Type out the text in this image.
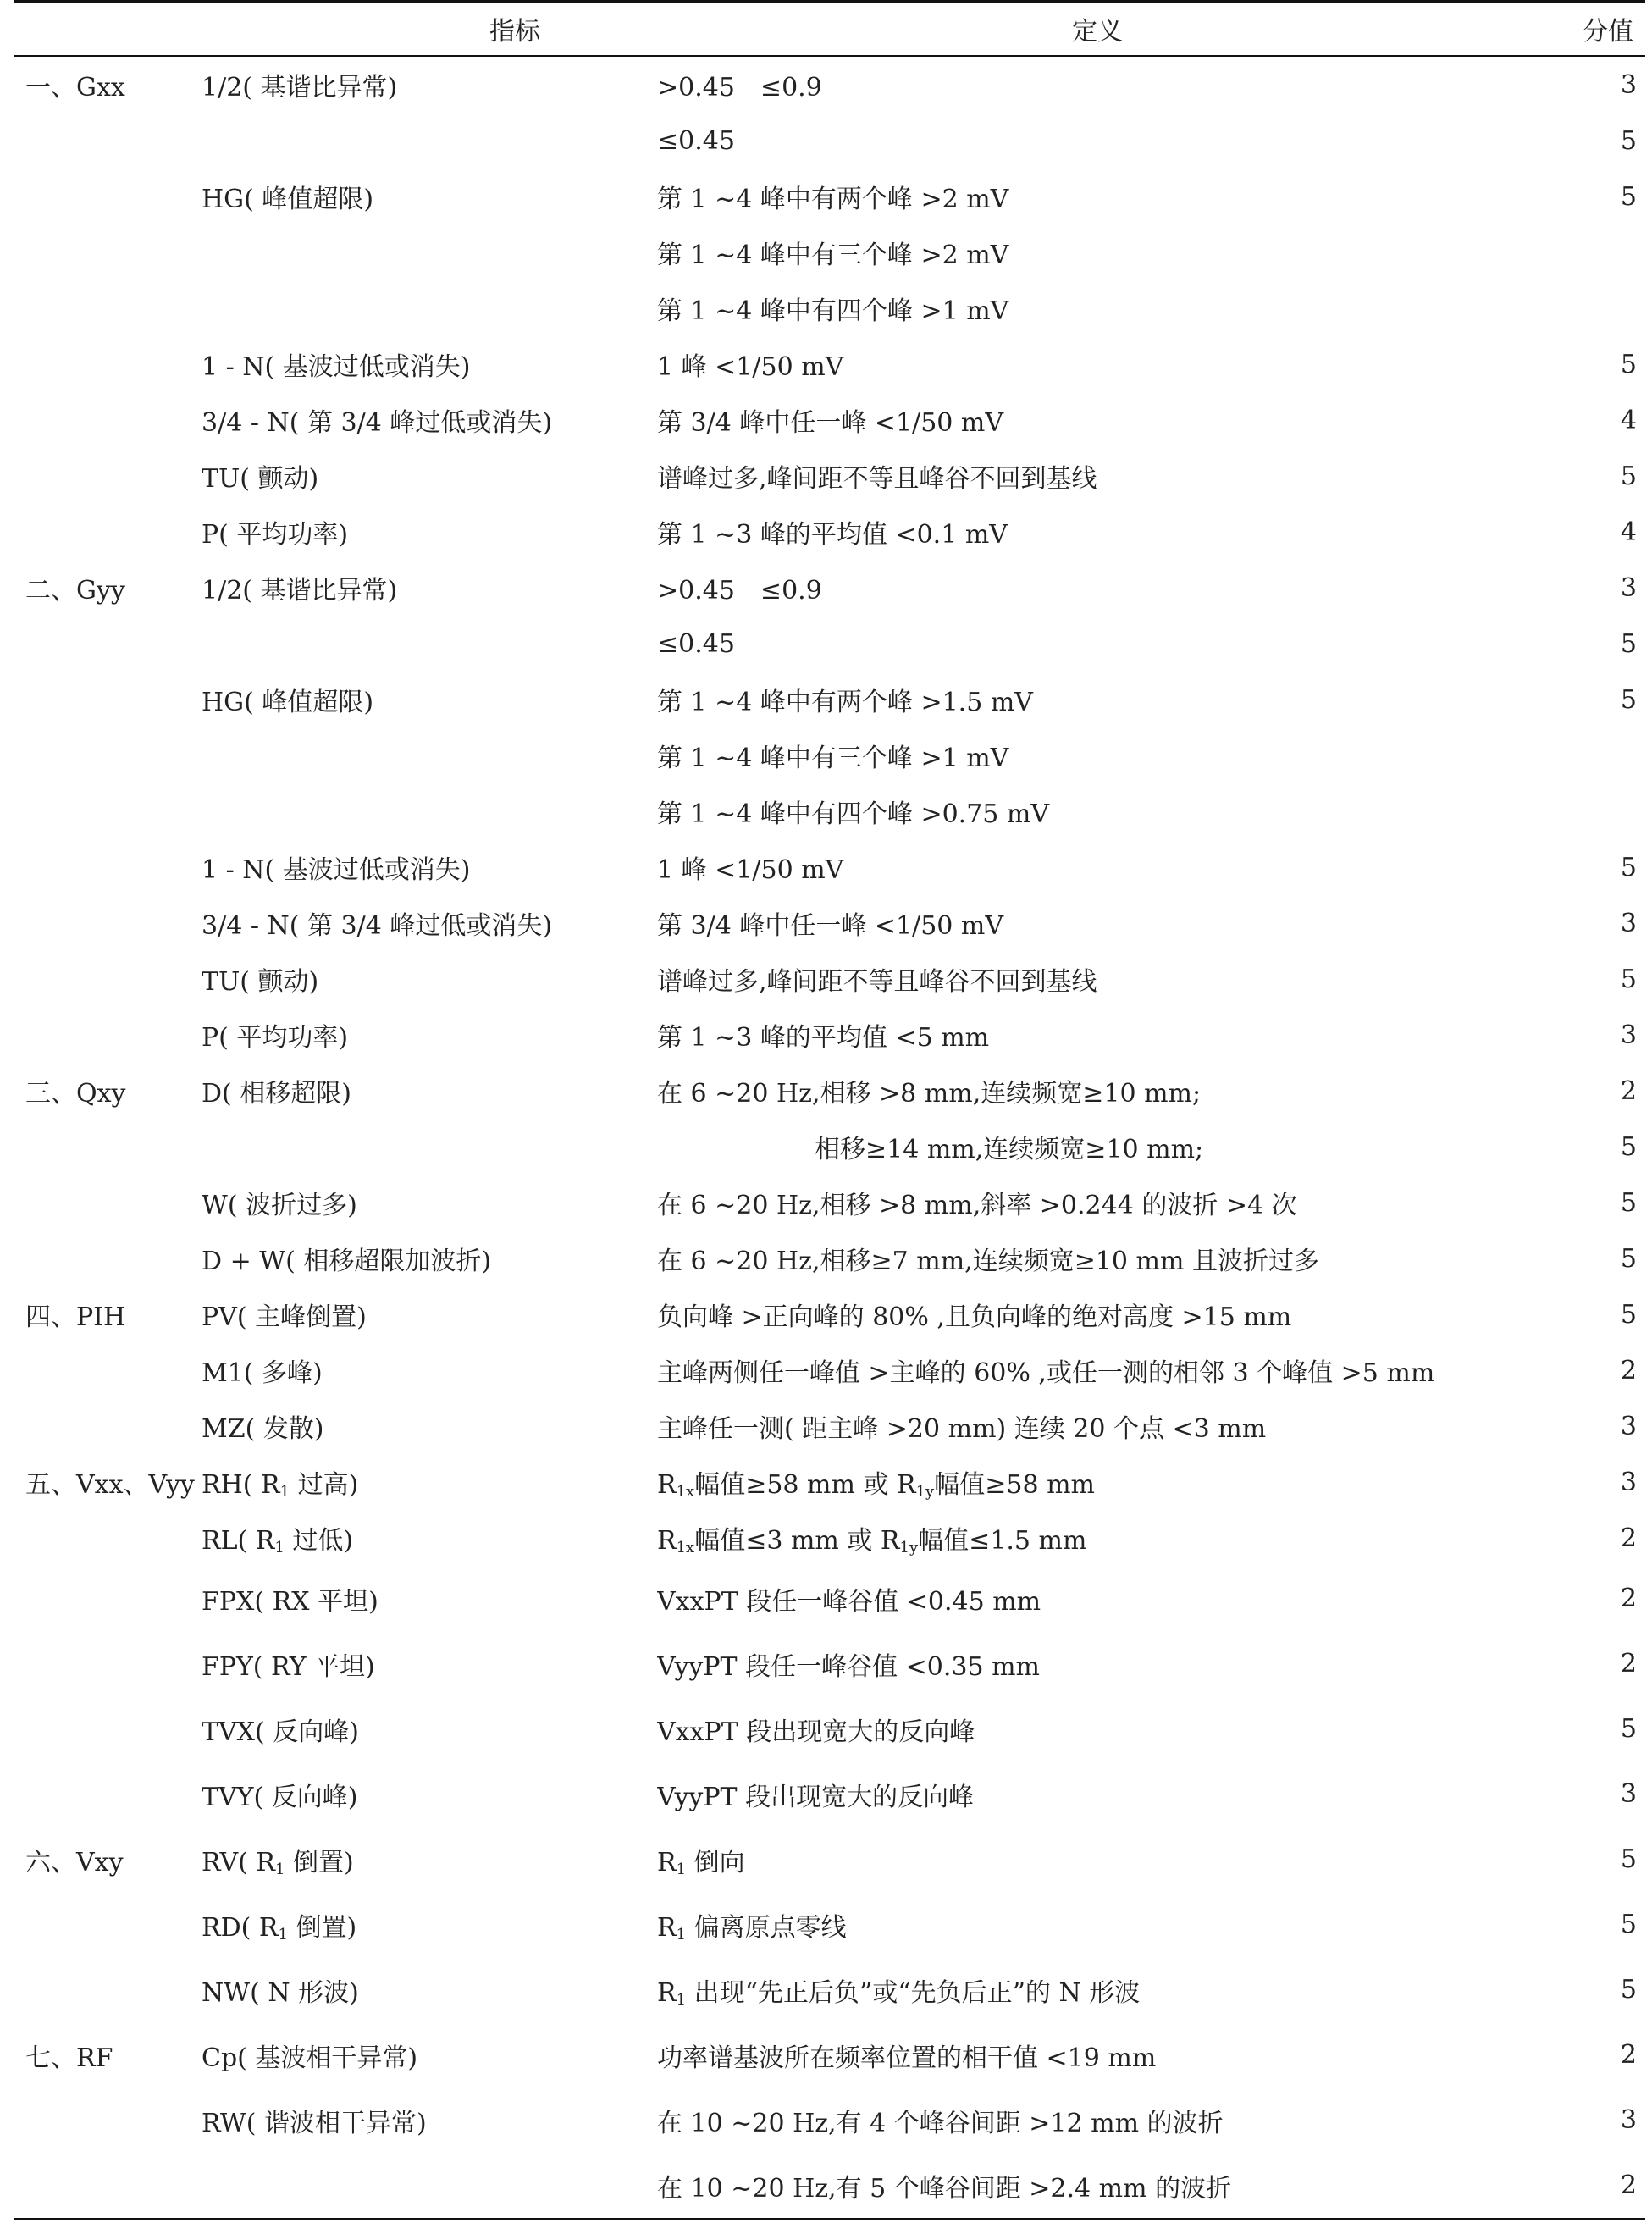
	指标	定义	分值
一、Gxx	1/2( 基谐比异常)	>0.45　≤0.9	3
		≤0.45	5
	HG( 峰值超限)	第 1 ~4 峰中有两个峰 >2 mV	5
		第 1 ~4 峰中有三个峰 >2 mV	
		第 1 ~4 峰中有四个峰 >1 mV	
	1 - N( 基波过低或消失)	1 峰 <1/50 mV	5
	3/4 - N( 第 3/4 峰过低或消失)	第 3/4 峰中任一峰 <1/50 mV	4
	TU( 颤动)	谱峰过多,峰间距不等且峰谷不回到基线	5
	P( 平均功率)	第 1 ~3 峰的平均值 <0.1 mV	4
二、Gyy	1/2( 基谐比异常)	>0.45　≤0.9	3
		≤0.45	5
	HG( 峰值超限)	第 1 ~4 峰中有两个峰 >1.5 mV	5
		第 1 ~4 峰中有三个峰 >1 mV	
		第 1 ~4 峰中有四个峰 >0.75 mV	
	1 - N( 基波过低或消失)	1 峰 <1/50 mV	5
	3/4 - N( 第 3/4 峰过低或消失)	第 3/4 峰中任一峰 <1/50 mV	3
	TU( 颤动)	谱峰过多,峰间距不等且峰谷不回到基线	5
	P( 平均功率)	第 1 ~3 峰的平均值 <5 mm	3
三、Qxy	D( 相移超限)	在 6 ~20 Hz,相移 >8 mm,连续频宽≥10 mm;	2
		相移≥14 mm,连续频宽≥10 mm;	5
	W( 波折过多)	在 6 ~20 Hz,相移 >8 mm,斜率 >0.244 的波折 >4 次	5
	D + W( 相移超限加波折)	在 6 ~20 Hz,相移≥7 mm,连续频宽≥10 mm 且波折过多	5
四、PIH	PV( 主峰倒置)	负向峰 >正向峰的 80% ,且负向峰的绝对高度 >15 mm	5
	M1( 多峰)	主峰两侧任一峰值 >主峰的 60% ,或任一测的相邻 3 个峰值 >5 mm	2
	MZ( 发散)	主峰任一测( 距主峰 >20 mm) 连续 20 个点 <3 mm	3
五、Vxx、Vyy	RH( $R_1$ 过高)	$R_{1x}$幅值≥58 mm 或 $R_{1y}$幅值≥58 mm	3
	RL( $R_1$ 过低)	$R_{1x}$幅值≤3 mm 或 $R_{1y}$幅值≤1.5 mm	2
	FPX( RX 平坦)	VxxPT 段任一峰谷值 <0.45 mm	2
	FPY( RY 平坦)	VyyPT 段任一峰谷值 <0.35 mm	2
	TVX( 反向峰)	VxxPT 段出现宽大的反向峰	5
	TVY( 反向峰)	VyyPT 段出现宽大的反向峰	3
六、Vxy	RV( $R_1$ 倒置)	$R_1$ 倒向	5
	RD( $R_1$ 倒置)	$R_1$ 偏离原点零线	5
	NW( N 形波)	$R_1$ 出现“先正后负”或“先负后正”的 N 形波	5
七、RF	Cp( 基波相干异常)	功率谱基波所在频率位置的相干值 <19 mm	2
	RW( 谐波相干异常)	在 10 ~20 Hz,有 4 个峰谷间距 >12 mm 的波折	3
		在 10 ~20 Hz,有 5 个峰谷间距 >2.4 mm 的波折	2
